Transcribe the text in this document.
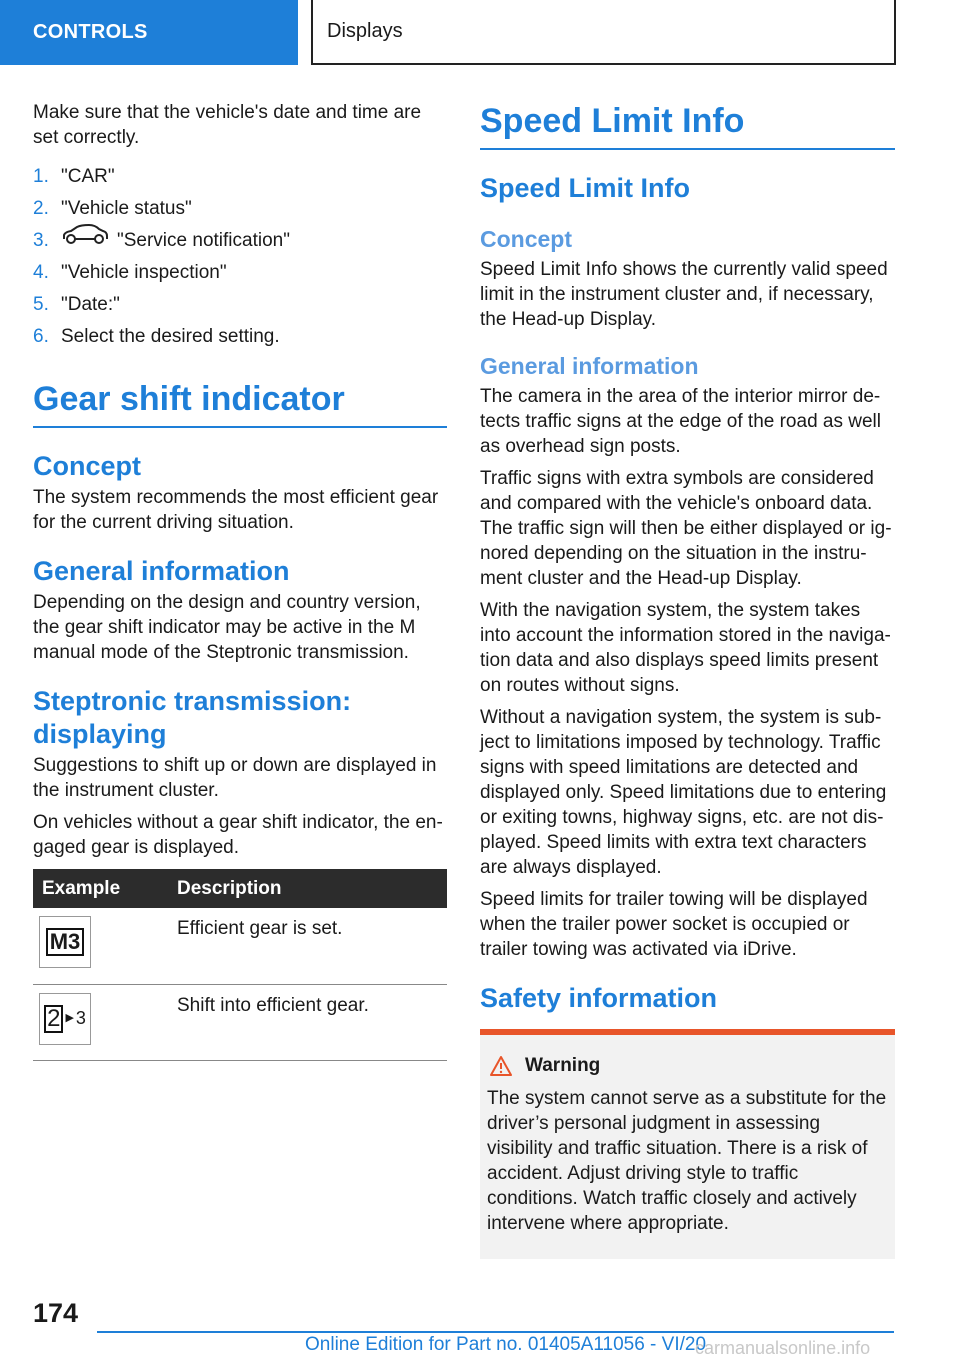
CONTROLS	Displays

Make sure that the vehicle's date and time are set correctly.

1. "CAR"
2. "Vehicle status"
3.	"Service notification"
4. "Vehicle inspection"
5. "Date:"
6. Select the desired setting.
Gear shift indicator
Concept

The system recommends the most efficient gear for the current driving situation.

General information

Depending on the design and country version, the gear shift indicator may be active in the M manual mode of the Steptronic transmission.

Steptronic transmission: displaying

Suggestions to shift up or down are displayed in the instrument cluster.

On vehicles without a gear shift indicator, the engaged gear is displayed.

Example	Description

M3	Efficient gear is set.

2 ▶ 3	Shift into efficient gear.
Speed Limit Info
Speed Limit Info
Concept

Speed Limit Info shows the currently valid speed limit in the instrument cluster and, if necessary, the Head-up Display.

General information

The camera in the area of the interior mirror detects traffic signs at the edge of the road as well as overhead sign posts.

Traffic signs with extra symbols are considered and compared with the vehicle's onboard data. The traffic sign will then be either displayed or ignored depending on the situation in the instrument cluster and the Head-up Display.

With the navigation system, the system takes into account the information stored in the navigation data and also displays speed limits present on routes without signs.

Without a navigation system, the system is subject to limitations imposed by technology. Traffic signs with speed limitations are detected and displayed only. Speed limitations due to entering or exiting towns, highway signs, etc. are not displayed. Speed limits with extra text characters are always displayed.

Speed limits for trailer towing will be displayed when the trailer power socket is occupied or trailer towing was activated via iDrive.

Safety information
Warning

The system cannot serve as a substitute for the driver’s personal judgment in assessing visibility and traffic situation. There is a risk of accident. Adjust driving style to traffic conditions. Watch traffic closely and actively intervene where appropriate.

174
Online Edition for Part no. 01405A11056 - VI/20
carmanualsonline.info
